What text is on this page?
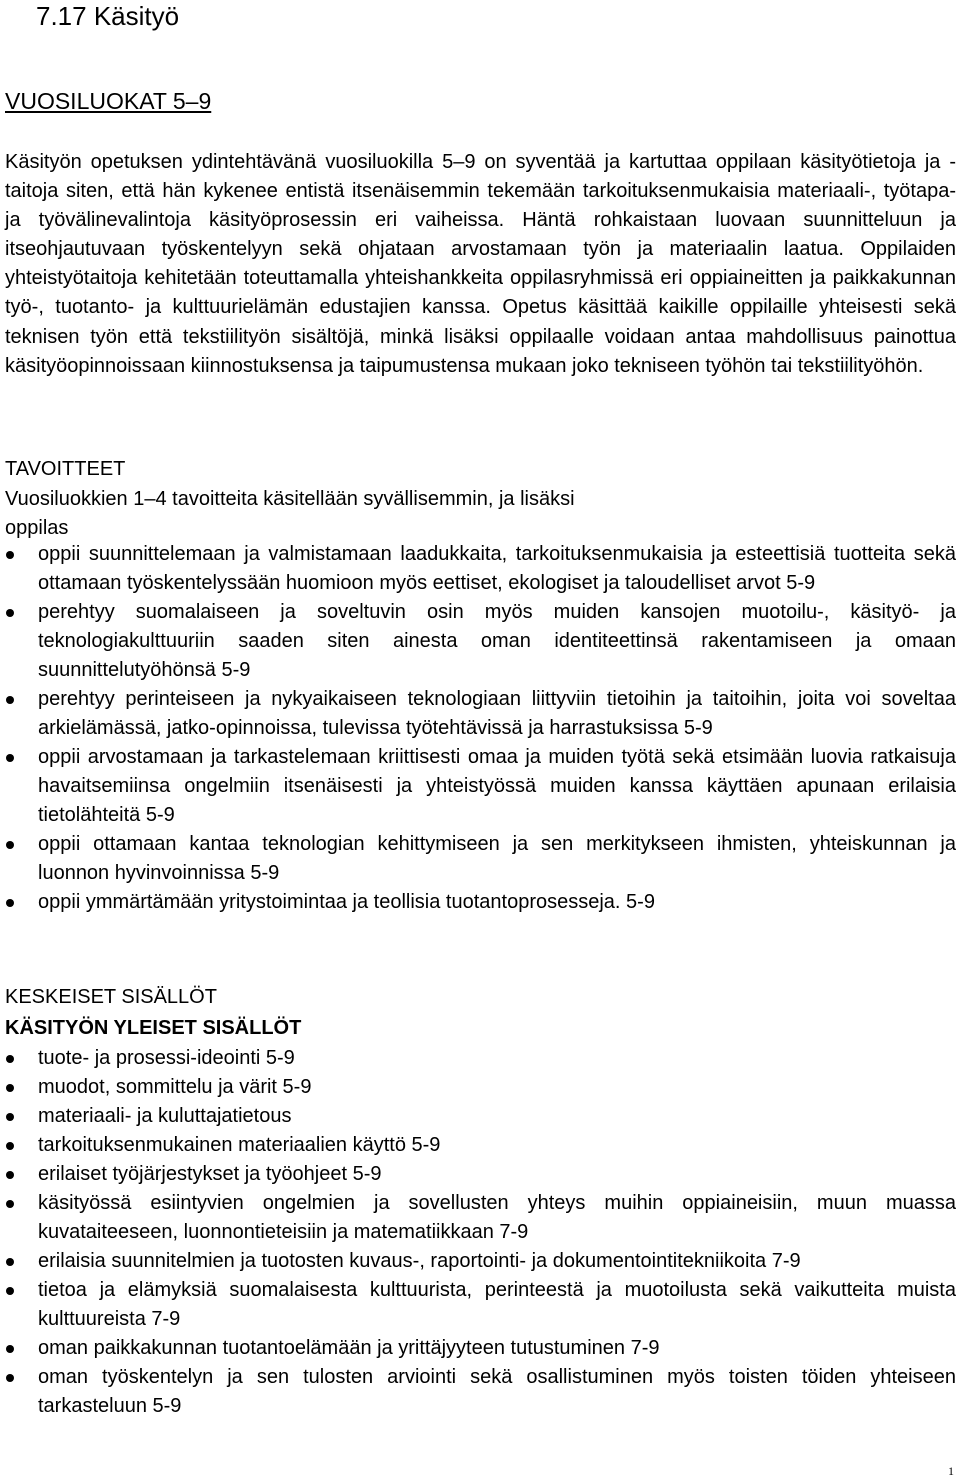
7.17 Käsityö
VUOSILUOKAT 5–9

Käsityön opetuksen ydintehtävänä vuosiluokilla 5–9 on syventää ja kartuttaa oppilaan käsityötietoja ja -taitoja siten, että hän kykenee entistä itsenäisemmin tekemään tarkoituksenmukaisia materiaali-, työtapa- ja työvälinevalintoja käsityöprosessin eri vaiheissa. Häntä rohkaistaan luovaan suunnitteluun ja itseohjautuvaan työskentelyyn sekä ohjataan arvostamaan työn ja materiaalin laatua. Oppilaiden yhteistyötaitoja kehitetään toteuttamalla yhteishankkeita oppilasryhmissä eri oppiaineitten ja paikkakunnan työ-, tuotanto- ja kulttuurielämän edustajien kanssa. Opetus käsittää kaikille oppilaille yhteisesti sekä teknisen työn että tekstiilityön sisältöjä, minkä lisäksi oppilaalle voidaan antaa mahdollisuus painottua käsityöopinnoissaan kiinnostuksensa ja taipumustensa mukaan joko tekniseen työhön tai tekstiilityöhön.

TAVOITTEET
Vuosiluokkien 1–4 tavoitteita käsitellään syvällisemmin, ja lisäksi
oppilas
oppii suunnittelemaan ja valmistamaan laadukkaita, tarkoituksenmukaisia ja esteettisiä tuotteita sekä ottamaan työskentelyssään huomioon myös eettiset, ekologiset ja taloudelliset arvot 5-9
perehtyy suomalaiseen ja soveltuvin osin myös muiden kansojen muotoilu-, käsityö- ja teknologiakulttuuriin saaden siten ainesta oman identiteettinsä rakentamiseen ja omaan suunnittelutyöhönsä 5-9
perehtyy perinteiseen ja nykyaikaiseen teknologiaan liittyviin tietoihin ja taitoihin, joita voi soveltaa arkielämässä, jatko-opinnoissa, tulevissa työtehtävissä ja harrastuksissa 5-9
oppii arvostamaan ja tarkastelemaan kriittisesti omaa ja muiden työtä sekä etsimään luovia ratkaisuja havaitsemiinsa ongelmiin itsenäisesti ja yhteistyössä muiden kanssa käyttäen apunaan erilaisia tietolähteitä 5-9
oppii ottamaan kantaa teknologian kehittymiseen ja sen merkitykseen ihmisten, yhteiskunnan ja luonnon hyvinvoinnissa 5-9
oppii ymmärtämään yritystoimintaa ja teollisia tuotantoprosesseja. 5-9
KESKEISET SISÄLLÖT
KÄSITYÖN YLEISET SISÄLLÖT
tuote- ja prosessi-ideointi 5-9
muodot, sommittelu ja värit 5-9
materiaali- ja kuluttajatietous
tarkoituksenmukainen materiaalien käyttö 5-9
erilaiset työjärjestykset ja työohjeet 5-9
käsityössä esiintyvien ongelmien ja sovellusten yhteys muihin oppiaineisiin, muun muassa kuvataiteeseen, luonnontieteisiin ja matematiikkaan 7-9
erilaisia suunnitelmien ja tuotosten kuvaus-, raportointi- ja dokumentointitekniikoita 7-9
tietoa ja elämyksiä suomalaisesta kulttuurista, perinteestä ja muotoilusta sekä vaikutteita muista kulttuureista 7-9
oman paikkakunnan tuotantoelämään ja yrittäjyyteen tutustuminen 7-9
oman työskentelyn ja sen tulosten arviointi sekä osallistuminen myös toisten töiden yhteiseen tarkasteluun 5-9
1
